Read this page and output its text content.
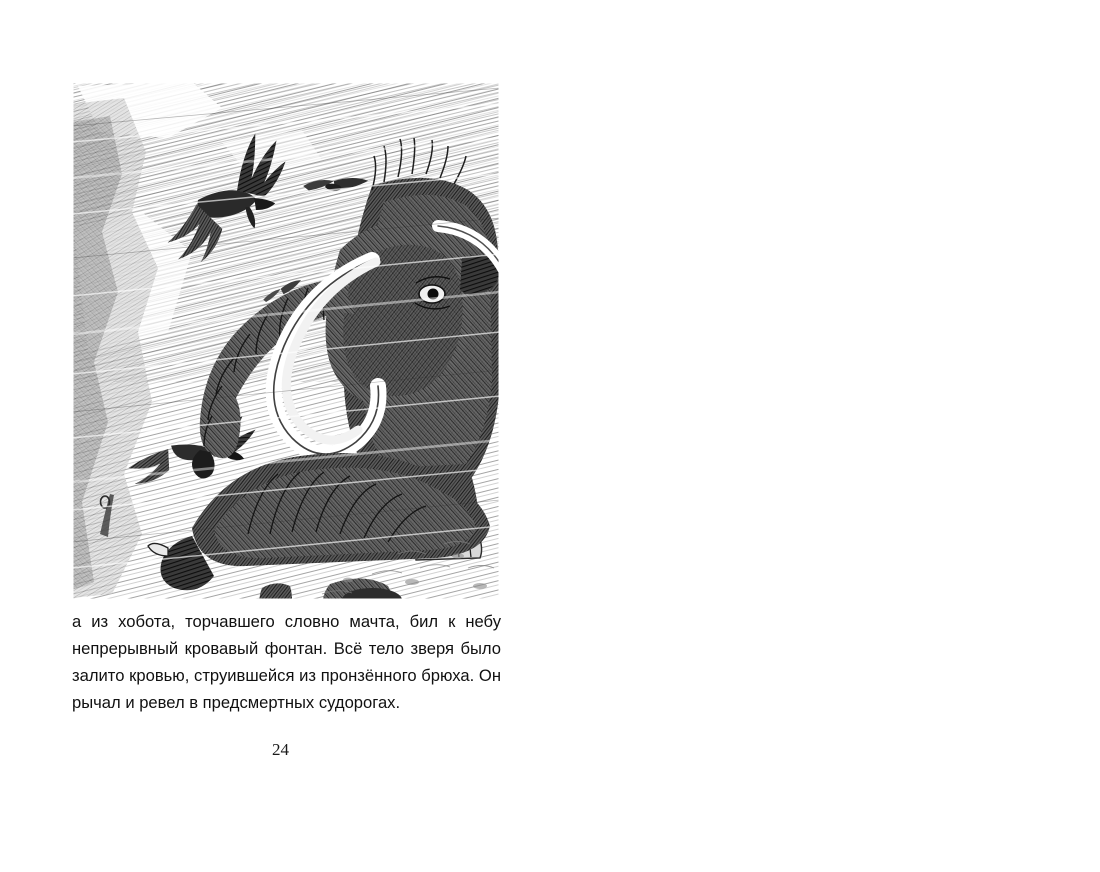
а из хобота, торчавшего словно мачта, бил к небу непрерывный кровавый фонтан. Всё тело зверя было залито кровью, струившейся из пронзённого брюха. Он рычал и ревел в предсмертных судорогах.

24
